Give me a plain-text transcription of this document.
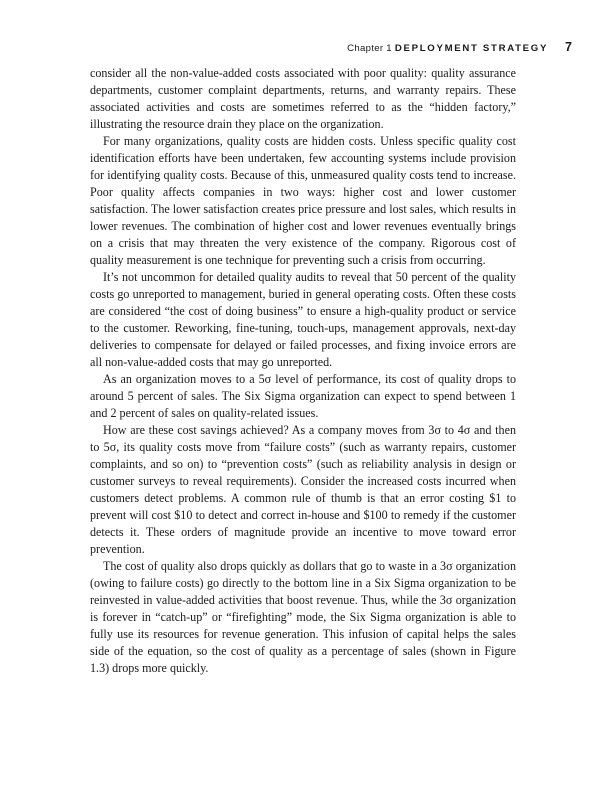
Chapter 1 DEPLOYMENT STRATEGY 7

consider all the non-value-added costs associated with poor quality: quality assurance departments, customer complaint departments, returns, and warranty repairs. These associated activities and costs are sometimes referred to as the “hidden factory,” illustrating the resource drain they place on the organization.

For many organizations, quality costs are hidden costs. Unless specific quality cost identification efforts have been undertaken, few accounting systems include provision for identifying quality costs. Because of this, unmeasured quality costs tend to increase. Poor quality affects companies in two ways: higher cost and lower customer satisfaction. The lower satisfaction creates price pressure and lost sales, which results in lower revenues. The combination of higher cost and lower revenues eventually brings on a crisis that may threaten the very existence of the company. Rigorous cost of quality measurement is one technique for preventing such a crisis from occurring.

It’s not uncommon for detailed quality audits to reveal that 50 percent of the quality costs go unreported to management, buried in general operating costs. Often these costs are considered “the cost of doing business” to ensure a high-quality product or service to the customer. Reworking, fine-tuning, touch-ups, management approvals, next-day deliveries to compensate for delayed or failed processes, and fixing invoice errors are all non-value-added costs that may go unreported.

As an organization moves to a 5σ level of performance, its cost of quality drops to around 5 percent of sales. The Six Sigma organization can expect to spend between 1 and 2 percent of sales on quality-related issues.

How are these cost savings achieved? As a company moves from 3σ to 4σ and then to 5σ, its quality costs move from “failure costs” (such as warranty repairs, customer complaints, and so on) to “prevention costs” (such as reliability analysis in design or customer surveys to reveal requirements). Consider the increased costs incurred when customers detect problems. A common rule of thumb is that an error costing $1 to prevent will cost $10 to detect and correct in-house and $100 to remedy if the customer detects it. These orders of magnitude provide an incentive to move toward error prevention.

The cost of quality also drops quickly as dollars that go to waste in a 3σ organization (owing to failure costs) go directly to the bottom line in a Six Sigma organization to be reinvested in value-added activities that boost revenue. Thus, while the 3σ organization is forever in “catch-up” or “firefighting” mode, the Six Sigma organization is able to fully use its resources for revenue generation. This infusion of capital helps the sales side of the equation, so the cost of quality as a percentage of sales (shown in Figure 1.3) drops more quickly.
